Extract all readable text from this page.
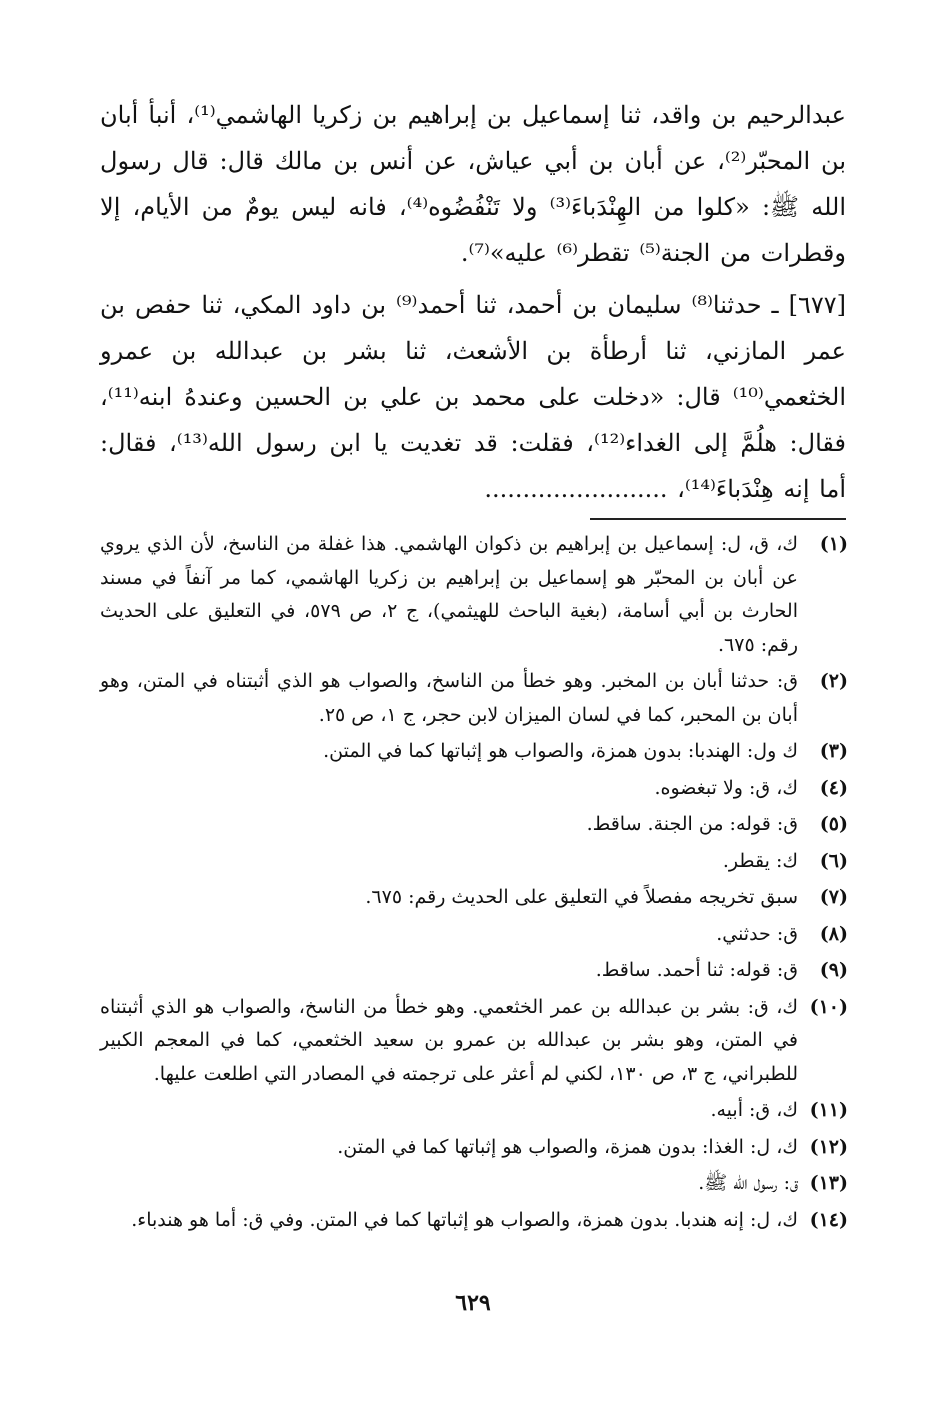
عبدالرحيم بن واقد، ثنا إسماعيل بن إبراهيم بن زكريا الهاشمي⁽¹⁾، أنبأ أبان بن المحبّر⁽²⁾، عن أبان بن أبي عياش، عن أنس بن مالك قال: قال رسول الله ﷺ: «كلوا من الهِنْدَباءَ⁽³⁾ ولا تَنْفُضُوه⁽⁴⁾، فانه ليس يومٌ من الأيام، إلا وقطرات من الجنة⁽⁵⁾ تقطر⁽⁶⁾ عليه»⁽⁷⁾.

[٦٧٧] ـ حدثنا⁽⁸⁾ سليمان بن أحمد، ثنا أحمد⁽⁹⁾ بن داود المكي، ثنا حفص بن عمر المازني، ثنا أرطأة بن الأشعث، ثنا بشر بن عبدالله بن عمرو الخثعمي⁽¹⁰⁾ قال: «دخلت على محمد بن علي بن الحسين وعندهُ ابنه⁽¹¹⁾، فقال: هلُمَّ إلى الغداء⁽¹²⁾، فقلت: قد تغديت يا ابن رسول الله⁽¹³⁾، فقال: أما إنه هِنْدَباءَ⁽¹⁴⁾، ........................

(١)
ك، ق، ل: إسماعيل بن إبراهيم بن ذكوان الهاشمي. هذا غفلة من الناسخ، لأن الذي يروي عن أبان بن المحبّر هو إسماعيل بن إبراهيم بن زكريا الهاشمي، كما مر آنفاً في مسند الحارث بن أبي أسامة، (بغية الباحث للهيثمي)، ج ٢، ص ٥٧٩، في التعليق على الحديث رقم: ٦٧٥.
(٢)
ق: حدثنا أبان بن المخبر. وهو خطأ من الناسخ، والصواب هو الذي أثبتناه في المتن، وهو أبان بن المحبر، كما في لسان الميزان لابن حجر، ج ١، ص ٢٥.
(٣)
ك ول: الهندبا: بدون همزة، والصواب هو إثباتها كما في المتن.
(٤)
ك، ق: ولا تبغضوه.
(٥)
ق: قوله: من الجنة. ساقط.
(٦)
ك: يقطر.
(٧)
سبق تخريجه مفصلاً في التعليق على الحديث رقم: ٦٧٥.
(٨)
ق: حدثني.
(٩)
ق: قوله: ثنا أحمد. ساقط.
(١٠)
ك، ق: بشر بن عبدالله بن عمر الخثعمي. وهو خطأ من الناسخ، والصواب هو الذي أثبتناه في المتن، وهو بشر بن عبدالله بن عمرو بن سعيد الخثعمي، كما في المعجم الكبير للطبراني، ج ٣، ص ١٣٠، لكني لم أعثر على ترجمته في المصادر التي اطلعت عليها.
(١١)
ك، ق: أبيه.
(١٢)
ك، ل: الغذا: بدون همزة، والصواب هو إثباتها كما في المتن.
(١٣)
ق: رسول الله ﷺ.
(١٤)
ك، ل: إنه هندبا. بدون همزة، والصواب هو إثباتها كما في المتن. وفي ق: أما هو هندباء.
٦٢٩
